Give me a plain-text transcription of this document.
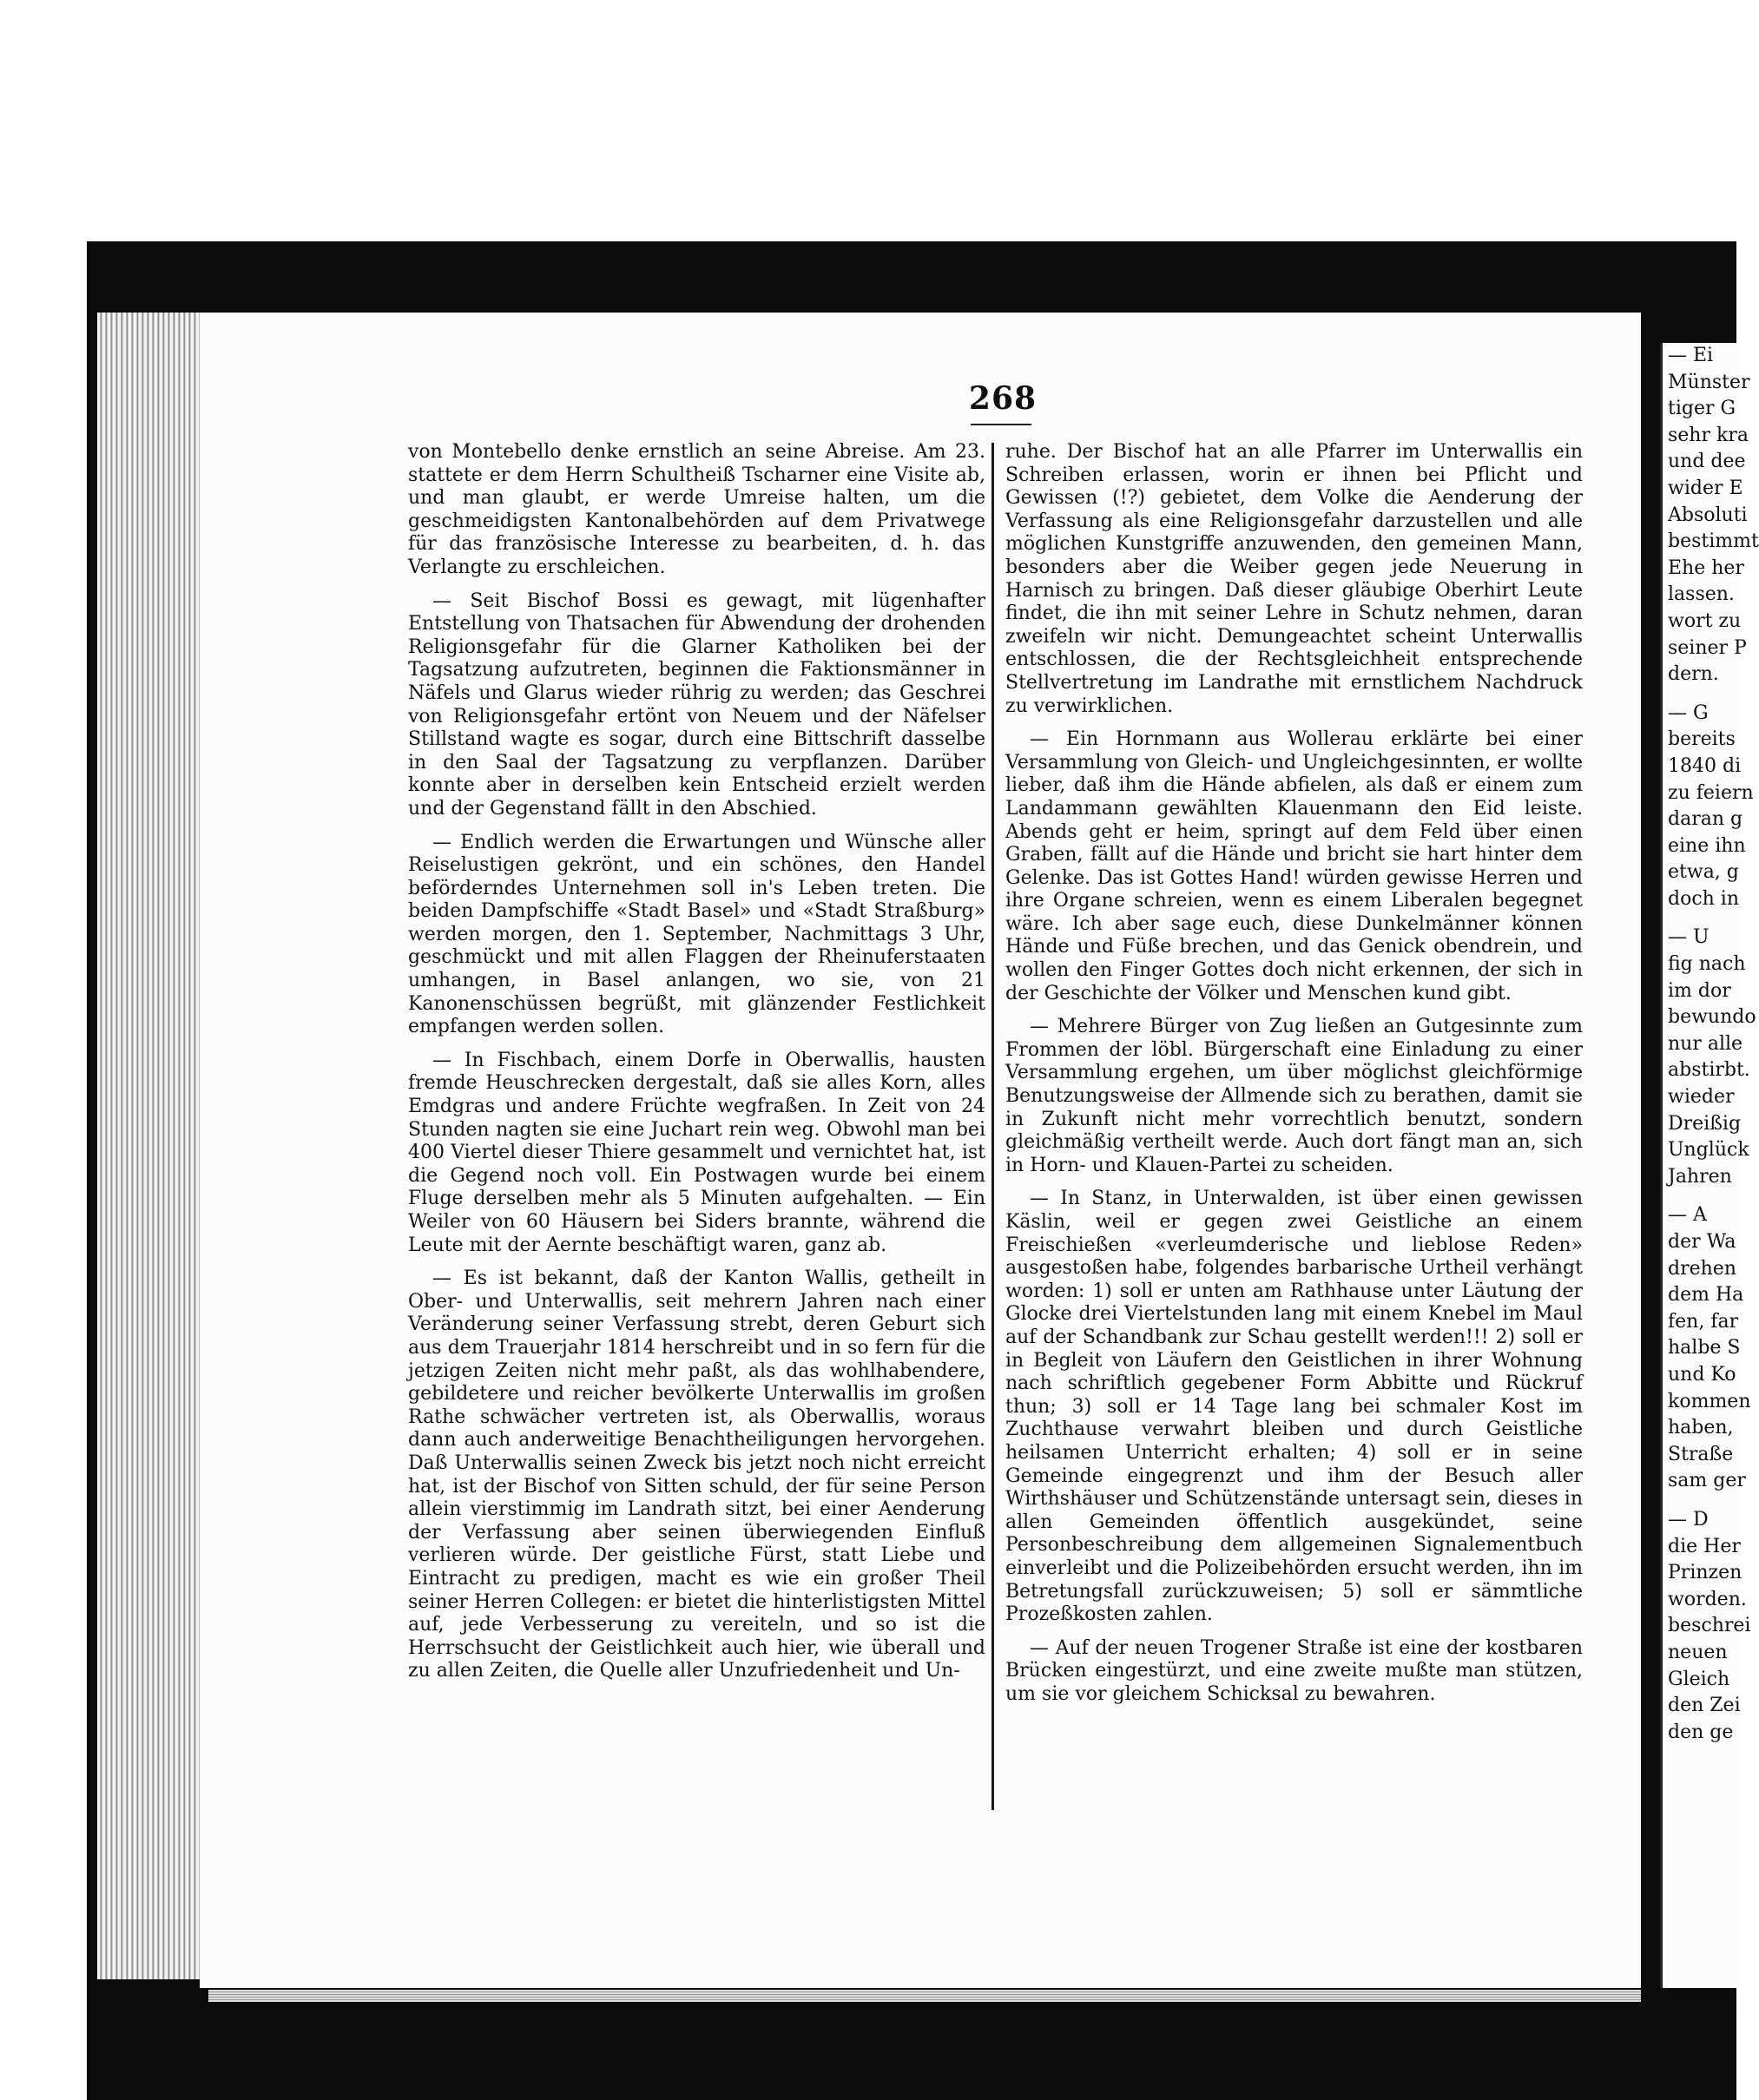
— Ei
Münster
tiger G
sehr kra
und dee
wider E
Absoluti
bestimmt
Ehe her
lassen.
wort zu
seiner P
dern.
— G
bereits
1840 di
zu feiern
daran g
eine ihn
etwa, g
doch in
— U
fig nach
im dor
bewundo
nur alle
abstirbt.
wieder
Dreißig
Unglück
Jahren
— A
der Wa
drehen
dem Ha
fen, far
halbe S
und Ko
kommen
haben,
Straße
sam ger
— D
die Her
Prinzen
worden.
beschrei
neuen
Gleich
den Zei
den ge
268

von Montebello denke ernstlich an seine Abreise. Am 23. stattete er dem Herrn Schultheiß Tscharner eine Visite ab, und man glaubt, er werde Umreise halten, um die geschmeidigsten Kantonalbehörden auf dem Privatwege für das französische Interesse zu bearbeiten, d. h. das Verlangte zu erschleichen.

— Seit Bischof Bossi es gewagt, mit lügenhafter Entstellung von Thatsachen für Abwendung der drohenden Religionsgefahr für die Glarner Katholiken bei der Tagsatzung aufzutreten, beginnen die Faktionsmänner in Näfels und Glarus wieder rührig zu werden; das Geschrei von Religionsgefahr ertönt von Neuem und der Näfelser Stillstand wagte es sogar, durch eine Bittschrift dasselbe in den Saal der Tagsatzung zu verpflanzen. Darüber konnte aber in derselben kein Entscheid erzielt werden und der Gegenstand fällt in den Abschied.

— Endlich werden die Erwartungen und Wünsche aller Reiselustigen gekrönt, und ein schönes, den Handel beförderndes Unternehmen soll in's Leben treten. Die beiden Dampfschiffe «Stadt Basel» und «Stadt Straßburg» werden morgen, den 1. September, Nachmittags 3 Uhr, geschmückt und mit allen Flaggen der Rheinuferstaaten umhangen, in Basel anlangen, wo sie, von 21 Kanonenschüssen begrüßt, mit glänzender Festlichkeit empfangen werden sollen.

— In Fischbach, einem Dorfe in Oberwallis, hausten fremde Heuschrecken dergestalt, daß sie alles Korn, alles Emdgras und andere Früchte wegfraßen. In Zeit von 24 Stunden nagten sie eine Juchart rein weg. Obwohl man bei 400 Viertel dieser Thiere gesammelt und vernichtet hat, ist die Gegend noch voll. Ein Postwagen wurde bei einem Fluge derselben mehr als 5 Minuten aufgehalten. — Ein Weiler von 60 Häusern bei Siders brannte, während die Leute mit der Aernte beschäftigt waren, ganz ab.

— Es ist bekannt, daß der Kanton Wallis, getheilt in Ober- und Unterwallis, seit mehrern Jahren nach einer Veränderung seiner Verfassung strebt, deren Geburt sich aus dem Trauerjahr 1814 herschreibt und in so fern für die jetzigen Zeiten nicht mehr paßt, als das wohlhabendere, gebildetere und reicher bevölkerte Unterwallis im großen Rathe schwächer vertreten ist, als Oberwallis, woraus dann auch anderweitige Benachtheiligungen hervorgehen. Daß Unterwallis seinen Zweck bis jetzt noch nicht erreicht hat, ist der Bischof von Sitten schuld, der für seine Person allein vierstimmig im Landrath sitzt, bei einer Aenderung der Verfassung aber seinen überwiegenden Einfluß verlieren würde. Der geistliche Fürst, statt Liebe und Eintracht zu predigen, macht es wie ein großer Theil seiner Herren Collegen: er bietet die hinterlistigsten Mittel auf, jede Verbesserung zu vereiteln, und so ist die Herrschsucht der Geistlichkeit auch hier, wie überall und zu allen Zeiten, die Quelle aller Unzufriedenheit und Un-

ruhe. Der Bischof hat an alle Pfarrer im Unterwallis ein Schreiben erlassen, worin er ihnen bei Pflicht und Gewissen (!?) gebietet, dem Volke die Aenderung der Verfassung als eine Religionsgefahr darzustellen und alle möglichen Kunstgriffe anzuwenden, den gemeinen Mann, besonders aber die Weiber gegen jede Neuerung in Harnisch zu bringen. Daß dieser gläubige Oberhirt Leute findet, die ihn mit seiner Lehre in Schutz nehmen, daran zweifeln wir nicht. Demungeachtet scheint Unterwallis entschlossen, die der Rechtsgleichheit entsprechende Stellvertretung im Landrathe mit ernstlichem Nachdruck zu verwirklichen.

— Ein Hornmann aus Wollerau erklärte bei einer Versammlung von Gleich- und Ungleichgesinnten, er wollte lieber, daß ihm die Hände abfielen, als daß er einem zum Landammann gewählten Klauenmann den Eid leiste. Abends geht er heim, springt auf dem Feld über einen Graben, fällt auf die Hände und bricht sie hart hinter dem Gelenke. Das ist Gottes Hand! würden gewisse Herren und ihre Organe schreien, wenn es einem Liberalen begegnet wäre. Ich aber sage euch, diese Dunkelmänner können Hände und Füße brechen, und das Genick obendrein, und wollen den Finger Gottes doch nicht erkennen, der sich in der Geschichte der Völker und Menschen kund gibt.

— Mehrere Bürger von Zug ließen an Gutgesinnte zum Frommen der löbl. Bürgerschaft eine Einladung zu einer Versammlung ergehen, um über möglichst gleichförmige Benutzungsweise der Allmende sich zu berathen, damit sie in Zukunft nicht mehr vorrechtlich benutzt, sondern gleichmäßig vertheilt werde. Auch dort fängt man an, sich in Horn- und Klauen-Partei zu scheiden.

— In Stanz, in Unterwalden, ist über einen gewissen Käslin, weil er gegen zwei Geistliche an einem Freischießen «verleumderische und lieblose Reden» ausgestoßen habe, folgendes barbarische Urtheil verhängt worden: 1) soll er unten am Rathhause unter Läutung der Glocke drei Viertelstunden lang mit einem Knebel im Maul auf der Schandbank zur Schau gestellt werden!!! 2) soll er in Begleit von Läufern den Geistlichen in ihrer Wohnung nach schriftlich gegebener Form Abbitte und Rückruf thun; 3) soll er 14 Tage lang bei schmaler Kost im Zuchthause verwahrt bleiben und durch Geistliche heilsamen Unterricht erhalten; 4) soll er in seine Gemeinde eingegrenzt und ihm der Besuch aller Wirthshäuser und Schützenstände untersagt sein, dieses in allen Gemeinden öffentlich ausgekündet, seine Personbeschreibung dem allgemeinen Signalementbuch einverleibt und die Polizeibehörden ersucht werden, ihn im Betretungsfall zurückzuweisen; 5) soll er sämmtliche Prozeßkosten zahlen.

— Auf der neuen Trogener Straße ist eine der kostbaren Brücken eingestürzt, und eine zweite mußte man stützen, um sie vor gleichem Schicksal zu bewahren.
